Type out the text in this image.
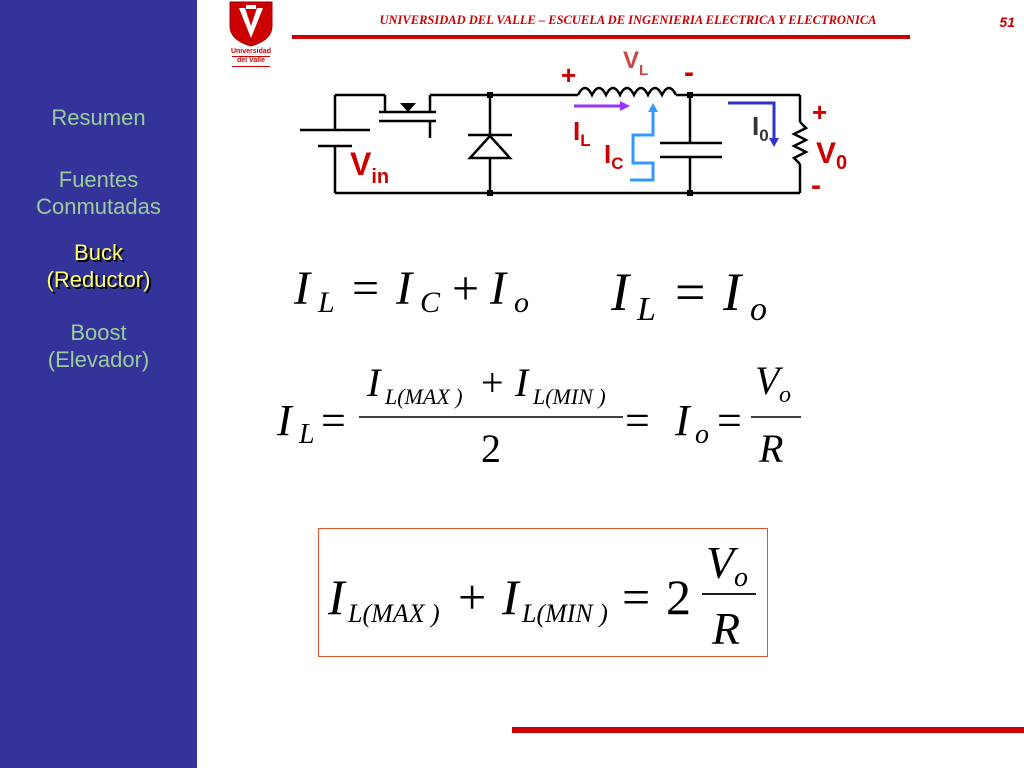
Resumen
Fuentes
Conmutadas
Buck
(Reductor)
Boost
(Elevador)
Universidad
del Valle
UNIVERSIDAD DEL VALLE – ESCUELA DE INGENIERIA ELECTRICA Y ELECTRONICA	51
$V_L$
+	-
$I_L$ $I_C$
$I_0$
+
$V_0$
-
$V_{in}$
I L = I C + I o I L = I o
I L =
I L(MAX ) + I L(MIN )
2
= I o =
V o
R
I L(MAX ) + I L(MIN ) = 2
V o
R
